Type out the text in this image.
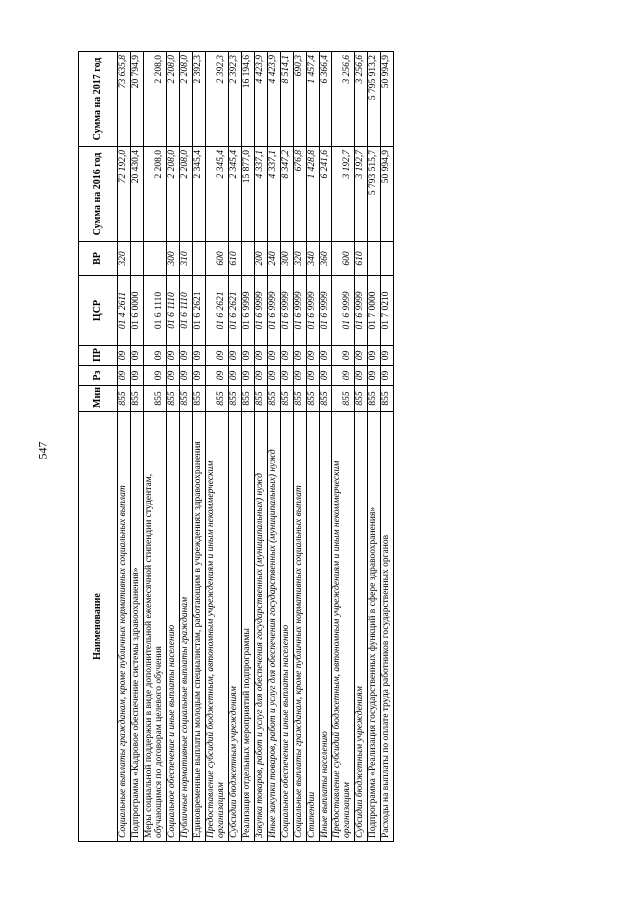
547
Наименование	Мин	Рз	ПР	ЦСР	ВР	Сумма на 2016 год	Сумма на 2017 год
Социальные выплаты гражданам, кроме публичных нормативных социальных выплат	855	09	09	01 4 2611	320	72 192,0	73 635,8
Подпрограмма «Кадровое обеспечение системы здравоохранения»	855	09	09	01 6 0000		20 430,4	20 794,9
Меры социальной поддержки в виде дополнительной ежемесячной стипендии студентам, обучающимся по договорам целевого обучения	855	09	09	01 6 1110		2 208,0	2 208,0
Социальное обеспечение и иные выплаты населению	855	09	09	01 6 1110	300	2 208,0	2 208,0
Публичные нормативные социальные выплаты гражданам	855	09	09	01 6 1110	310	2 208,0	2 208,0
Единовременные выплаты молодым специалистам, работающим в учреждениях здравоохранения	855	09	09	01 6 2621		2 345,4	2 392,3
Предоставление субсидий бюджетным, автономным учреждениям и иным некоммерческим организациям	855	09	09	01 6 2621	600	2 345,4	2 392,3
Субсидии бюджетным учреждениям	855	09	09	01 6 2621	610	2 345,4	2 392,3
Реализация отдельных мероприятий подпрограммы	855	09	09	01 6 9999		15 877,0	16 194,6
Закупка товаров, работ и услуг для обеспечения государственных (муниципальных) нужд	855	09	09	01 6 9999	200	4 337,1	4 423,9
Иные закупки товаров, работ и услуг для обеспечения государственных (муниципальных) нужд	855	09	09	01 6 9999	240	4 337,1	4 423,9
Социальное обеспечение и иные выплаты населению	855	09	09	01 6 9999	300	8 347,2	8 514,1
Социальные выплаты гражданам, кроме публичных нормативных социальных выплат	855	09	09	01 6 9999	320	676,8	690,3
Стипендии	855	09	09	01 6 9999	340	1 428,8	1 457,4
Иные выплаты населению	855	09	09	01 6 9999	360	6 241,6	6 366,4
Предоставление субсидий бюджетным, автономным учреждениям и иным некоммерческим организациям	855	09	09	01 6 9999	600	3 192,7	3 256,6
Субсидии бюджетным учреждениям	855	09	09	01 6 9999	610	3 192,7	3 256,6
Подпрограмма «Реализация государственных функций в сфере здравоохранения»	855	09	09	01 7 0000		5 793 515,7	5 795 913,2
Расходы на выплаты по оплате труда работников государственных органов	855	09	09	01 7 0210		50 994,9	50 994,9
